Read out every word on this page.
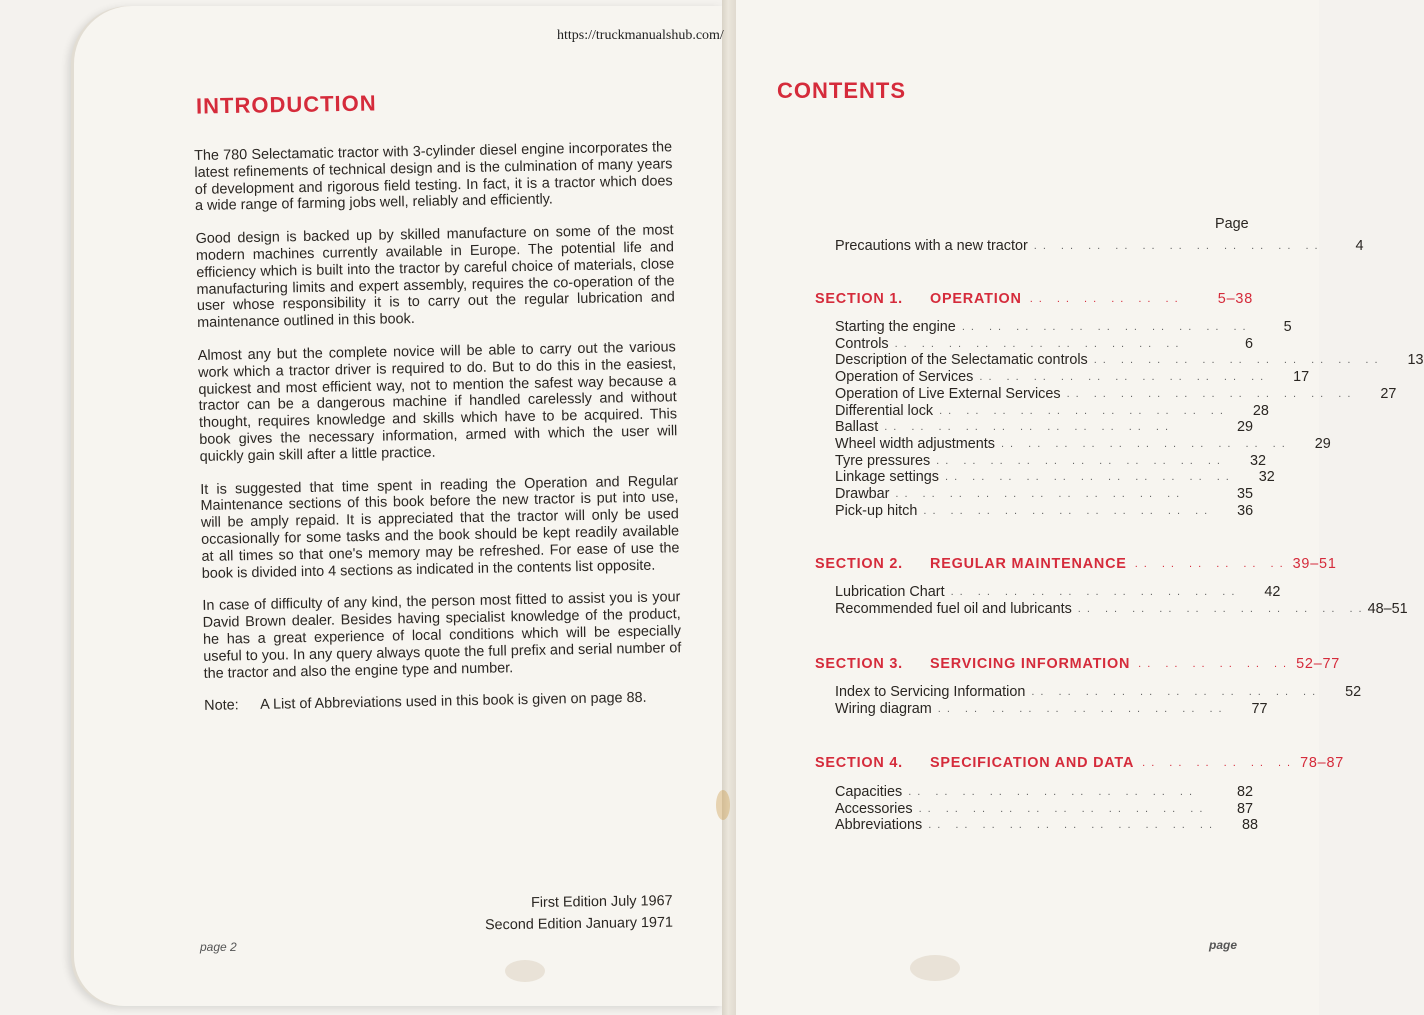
https://truckmanualshub.com/
INTRODUCTION

The 780 Selectamatic tractor with 3-cylinder diesel engine incorporates the latest refinements of technical design and is the culmination of many years of development and rigorous field testing. In fact, it is a tractor which does a wide range of farming jobs well, reliably and efficiently.

Good design is backed up by skilled manufacture on some of the most modern machines currently available in Europe. The potential life and efficiency which is built into the tractor by careful choice of materials, close manufacturing limits and expert assembly, requires the co-operation of the user whose responsibility it is to carry out the regular lubrication and maintenance outlined in this book.

Almost any but the complete novice will be able to carry out the various work which a tractor driver is required to do. But to do this in the easiest, quickest and most efficient way, not to mention the safest way because a tractor can be a dangerous machine if handled carelessly and without thought, requires knowledge and skills which have to be acquired. This book gives the necessary information, armed with which the user will quickly gain skill after a little practice.

It is suggested that time spent in reading the Operation and Regular Maintenance sections of this book before the new tractor is put into use, will be amply repaid. It is appreciated that the tractor will only be used occasionally for some tasks and the book should be kept readily available at all times so that one's memory may be refreshed. For ease of use the book is divided into 4 sections as indicated in the contents list opposite.

In case of difficulty of any kind, the person most fitted to assist you is your David Brown dealer. Besides having specialist knowledge of the product, he has a great experience of local conditions which will be especially useful to you. In any query always quote the full prefix and serial number of the tractor and also the engine type and number.

Note:	A List of Abbreviations used in this book is given on page 88.
First Edition July 1967
Second Edition January 1971
page 2
CONTENTS
Page
Precautions with a new tractor .. .. .. .. .. .. .. .. .. .. ..	4
SECTION 1.	OPERATION .. .. .. .. .. ..	5–38
Starting the engine .. .. .. .. .. .. .. .. .. .. ..	5
Controls .. .. .. .. .. .. .. .. .. .. ..	6
Description of the Selectamatic controls .. .. .. .. .. .. .. .. .. .. ..	13
Operation of Services .. .. .. .. .. .. .. .. .. .. ..	17
Operation of Live External Services .. .. .. .. .. .. .. .. .. .. ..	27
Differential lock .. .. .. .. .. .. .. .. .. .. ..	28
Ballast .. .. .. .. .. .. .. .. .. .. ..	29
Wheel width adjustments .. .. .. .. .. .. .. .. .. .. ..	29
Tyre pressures .. .. .. .. .. .. .. .. .. .. ..	32
Linkage settings .. .. .. .. .. .. .. .. .. .. ..	32
Drawbar .. .. .. .. .. .. .. .. .. .. ..	35
Pick-up hitch .. .. .. .. .. .. .. .. .. .. ..	36
SECTION 2.	REGULAR MAINTENANCE .. .. .. .. .. .. 39–51
Lubrication Chart .. .. .. .. .. .. .. .. .. .. ..	42
Recommended fuel oil and lubricants .. .. .. .. .. .. .. .. .. .. .. 48–51
SECTION 3.	SERVICING INFORMATION .. .. .. .. .. .. 52–77
Index to Servicing Information .. .. .. .. .. .. .. .. .. .. ..	52
Wiring diagram .. .. .. .. .. .. .. .. .. .. ..	77
SECTION 4.	SPECIFICATION AND DATA .. .. .. .. .. .. 78–87
Capacities .. .. .. .. .. .. .. .. .. .. ..	82
Accessories .. .. .. .. .. .. .. .. .. .. ..	87
Abbreviations .. .. .. .. .. .. .. .. .. .. ..	88
page
